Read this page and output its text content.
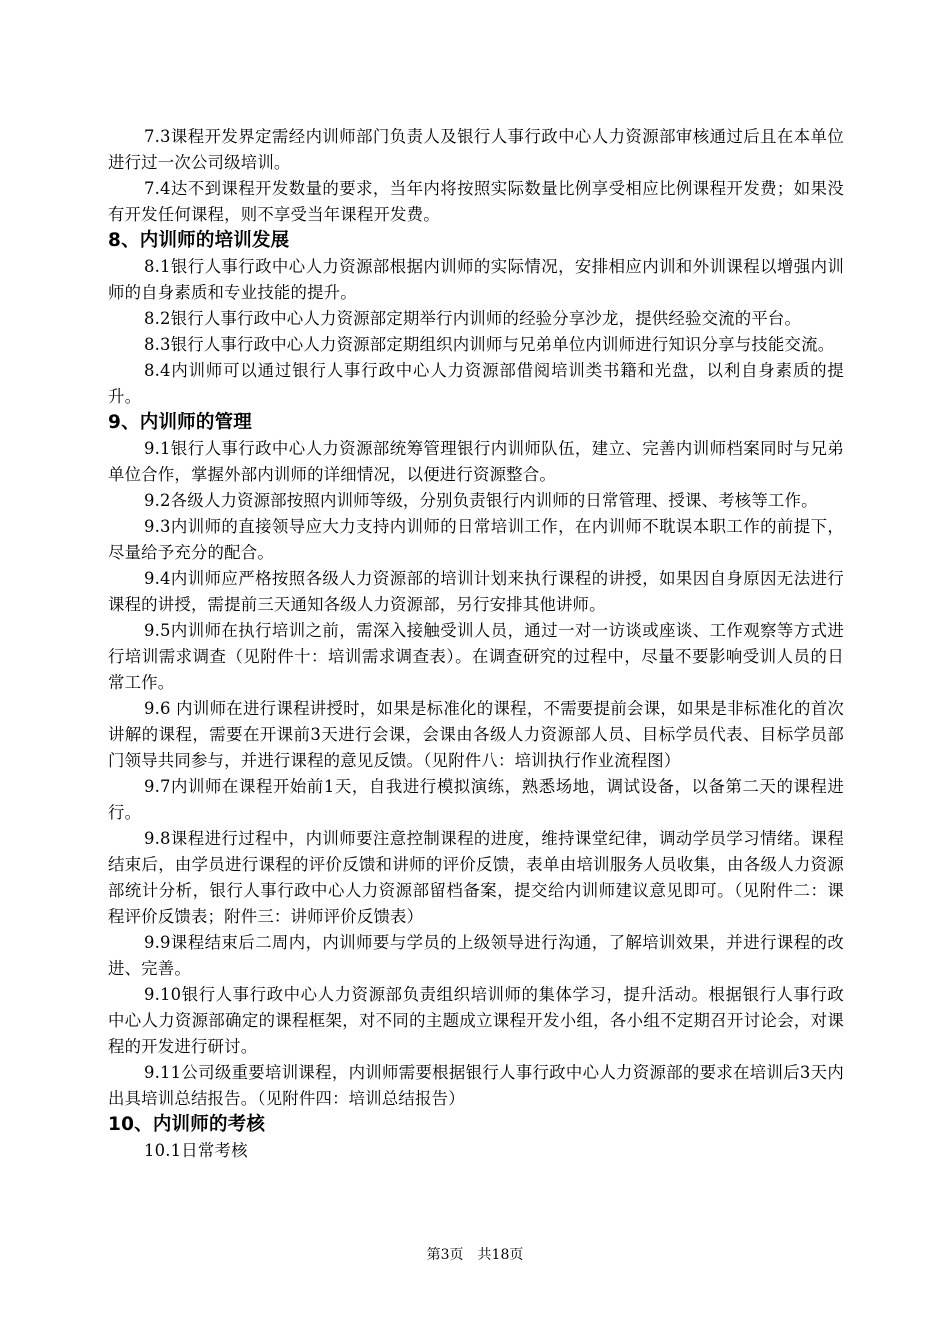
7.3课程开发界定需经内训师部门负责人及银行人事行政中心人力资源部审核通过后且在本单位进行过一次公司级培训。

7.4达不到课程开发数量的要求，当年内将按照实际数量比例享受相应比例课程开发费；如果没有开发任何课程，则不享受当年课程开发费。

8、内训师的培训发展

8.1银行人事行政中心人力资源部根据内训师的实际情况，安排相应内训和外训课程以增强内训师的自身素质和专业技能的提升。

8.2银行人事行政中心人力资源部定期举行内训师的经验分享沙龙，提供经验交流的平台。

8.3银行人事行政中心人力资源部定期组织内训师与兄弟单位内训师进行知识分享与技能交流。

8.4内训师可以通过银行人事行政中心人力资源部借阅培训类书籍和光盘，以利自身素质的提升。

9、内训师的管理

9.1银行人事行政中心人力资源部统筹管理银行内训师队伍，建立、完善内训师档案同时与兄弟单位合作，掌握外部内训师的详细情况，以便进行资源整合。

9.2各级人力资源部按照内训师等级，分别负责银行内训师的日常管理、授课、考核等工作。

9.3内训师的直接领导应大力支持内训师的日常培训工作，在内训师不耽误本职工作的前提下，尽量给予充分的配合。

9.4内训师应严格按照各级人力资源部的培训计划来执行课程的讲授，如果因自身原因无法进行课程的讲授，需提前三天通知各级人力资源部，另行安排其他讲师。

9.5内训师在执行培训之前，需深入接触受训人员，通过一对一访谈或座谈、工作观察等方式进行培训需求调查（见附件十：培训需求调查表）。在调查研究的过程中，尽量不要影响受训人员的日常工作。

9.6 内训师在进行课程讲授时，如果是标准化的课程，不需要提前会课，如果是非标准化的首次讲解的课程，需要在开课前3天进行会课，会课由各级人力资源部人员、目标学员代表、目标学员部门领导共同参与，并进行课程的意见反馈。（见附件八：培训执行作业流程图）

9.7内训师在课程开始前1天，自我进行模拟演练，熟悉场地，调试设备，以备第二天的课程进行。

9.8课程进行过程中，内训师要注意控制课程的进度，维持课堂纪律，调动学员学习情绪。课程结束后，由学员进行课程的评价反馈和讲师的评价反馈，表单由培训服务人员收集，由各级人力资源部统计分析，银行人事行政中心人力资源部留档备案，提交给内训师建议意见即可。（见附件二：课程评价反馈表；附件三：讲师评价反馈表）

9.9课程结束后二周内，内训师要与学员的上级领导进行沟通，了解培训效果，并进行课程的改进、完善。

9.10银行人事行政中心人力资源部负责组织培训师的集体学习，提升活动。根据银行人事行政中心人力资源部确定的课程框架，对不同的主题成立课程开发小组，各小组不定期召开讨论会，对课程的开发进行研讨。

9.11公司级重要培训课程，内训师需要根据银行人事行政中心人力资源部的要求在培训后3天内出具培训总结报告。（见附件四：培训总结报告）

10、内训师的考核

10.1日常考核

第3页　共18页
